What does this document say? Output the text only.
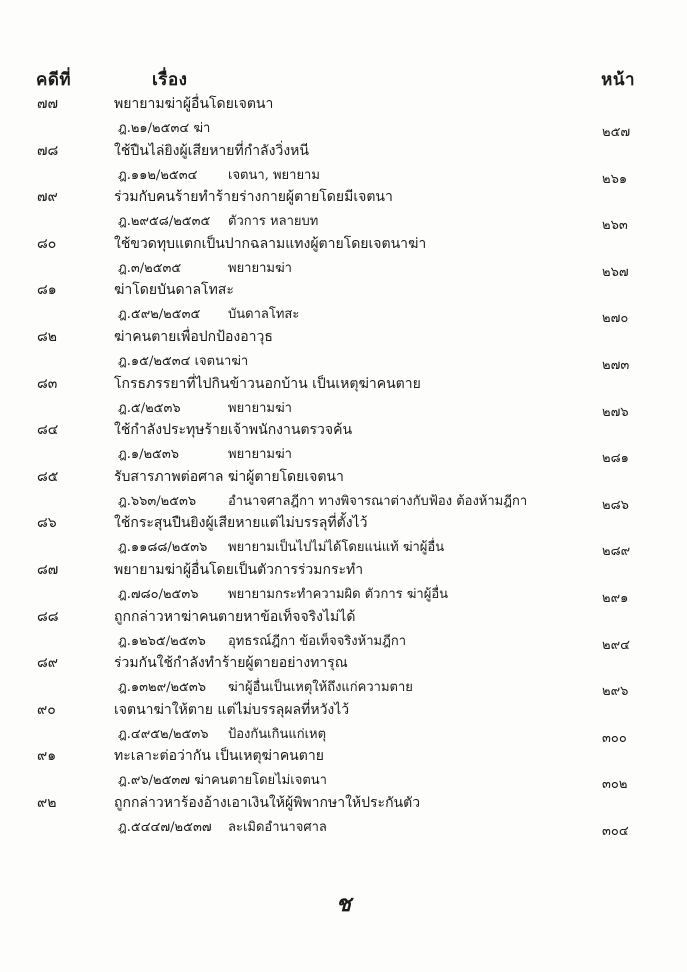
คดีที่	เรื่อง	หน้า
๗๗	พยายามฆ่าผู้อื่นโดยเจตนา
ฎ.๒๑/๒๕๓๔ ฆ่า	๒๕๗
๗๘	ใช้ปืนไล่ยิงผู้เสียหายที่กำลังวิ่งหนี
ฎ.๑๑๒/๒๕๓๔ เจตนา, พยายาม	๒๖๑
๗๙	ร่วมกับคนร้ายทำร้ายร่างกายผู้ตายโดยมีเจตนา
ฎ.๒๙๕๘/๒๕๓๕ ตัวการ หลายบท	๒๖๓
๘๐	ใช้ขวดทุบแตกเป็นปากฉลามแทงผู้ตายโดยเจตนาฆ่า
ฎ.๓/๒๕๓๕	พยายามฆ่า	๒๖๗
๘๑	ฆ่าโดยบันดาลโทสะ
ฎ.๕๙๒/๒๕๓๕ บันดาลโทสะ	๒๗๐
๘๒	ฆ่าคนตายเพื่อปกป้องอาวุธ
ฎ.๑๕/๒๕๓๔ เจตนาฆ่า	๒๗๓
๘๓	โกรธภรรยาที่ไปกินข้าวนอกบ้าน เป็นเหตุฆ่าคนตาย
ฎ.๕/๒๕๓๖	พยายามฆ่า	๒๗๖
๘๔	ใช้กำลังประทุษร้ายเจ้าพนักงานตรวจค้น
ฎ.๑/๒๕๓๖	พยายามฆ่า	๒๘๑
๘๕	รับสารภาพต่อศาล ฆ่าผู้ตายโดยเจตนา
ฎ.๖๖๓/๒๕๓๖ อำนาจศาลฎีกา ทางพิจารณาต่างกับฟ้อง ต้องห้ามฎีกา	๒๘๖
๘๖	ใช้กระสุนปืนยิงผู้เสียหายแต่ไม่บรรลุที่ตั้งไว้
ฎ.๑๑๘๘/๒๕๓๖ พยายามเป็นไปไม่ได้โดยแน่แท้ ฆ่าผู้อื่น	๒๘๙
๘๗	พยายามฆ่าผู้อื่นโดยเป็นตัวการร่วมกระทำ
ฎ.๗๘๐/๒๕๓๖ พยายามกระทำความผิด ตัวการ ฆ่าผู้อื่น	๒๙๑
๘๘	ถูกกล่าวหาฆ่าคนตายหาข้อเท็จจริงไม่ได้
ฎ.๑๒๖๕/๒๕๓๖ อุทธรณ์ฎีกา ข้อเท็จจริงห้ามฎีกา	๒๙๔
๘๙	ร่วมกันใช้กำลังทำร้ายผู้ตายอย่างทารุณ
ฎ.๑๓๒๙/๒๕๓๖ ฆ่าผู้อื่นเป็นเหตุให้ถึงแก่ความตาย	๒๙๖
๙๐	เจตนาฆ่าให้ตาย แต่ไม่บรรลุผลที่หวังไว้
ฎ.๔๙๕๒/๒๕๓๖ ป้องกันเกินแก่เหตุ	๓๐๐
๙๑	ทะเลาะต่อว่ากัน เป็นเหตุฆ่าคนตาย
ฎ.๙๖/๒๕๓๗ ฆ่าคนตายโดยไม่เจตนา	๓๐๒
๙๒	ถูกกล่าวหาร้องอ้างเอาเงินให้ผู้พิพากษาให้ประกันตัว
ฎ.๕๔๔๗/๒๕๓๗ ละเมิดอำนาจศาล	๓๐๔
ช
